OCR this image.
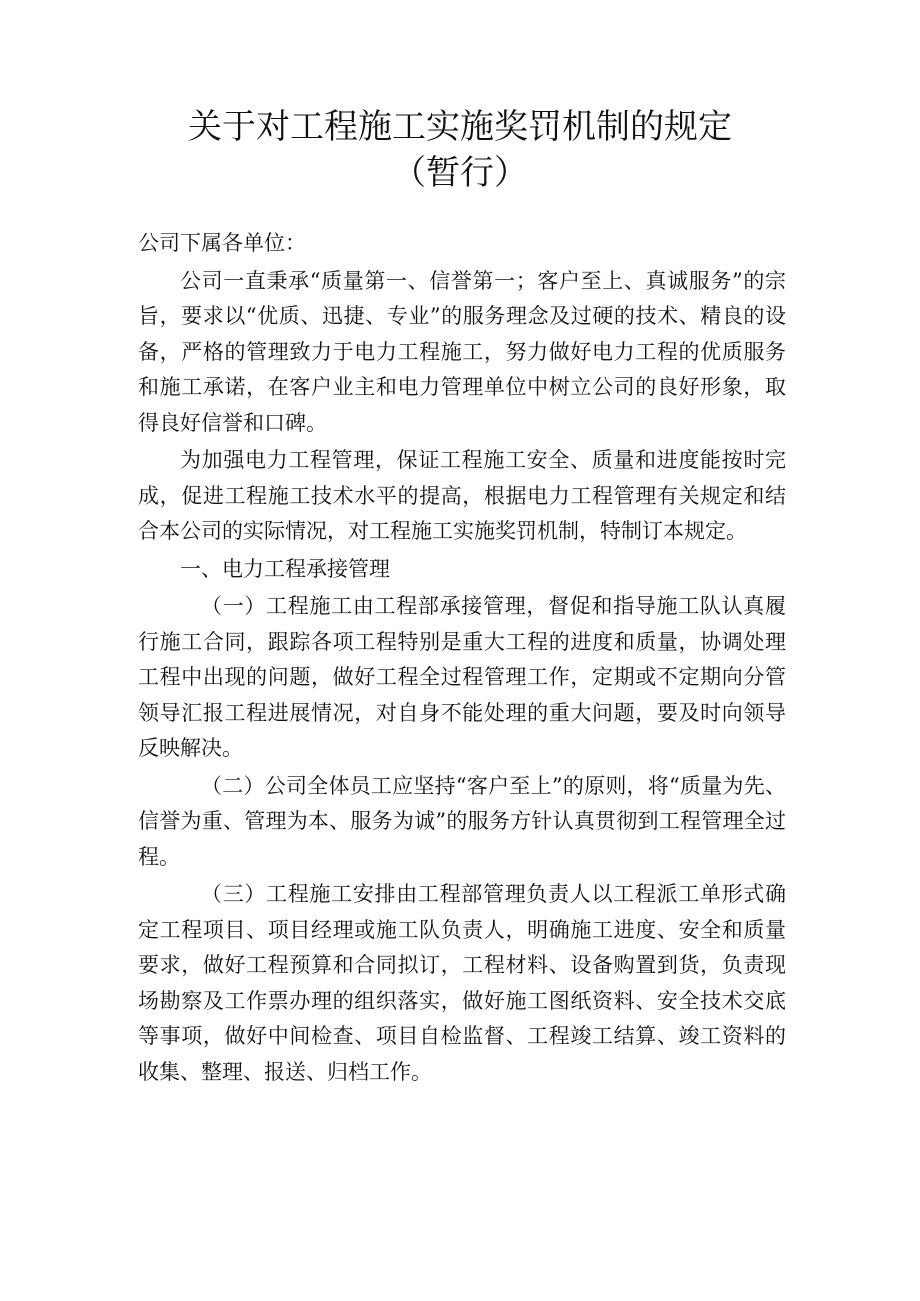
关于对工程施工实施奖罚机制的规定
（暂行）

公司下属各单位：

公司一直秉承“质量第一、信誉第一；客户至上、真诚服务”的宗旨，要求以“优质、迅捷、专业”的服务理念及过硬的技术、精良的设备，严格的管理致力于电力工程施工，努力做好电力工程的优质服务和施工承诺，在客户业主和电力管理单位中树立公司的良好形象，取得良好信誉和口碑。

为加强电力工程管理，保证工程施工安全、质量和进度能按时完成，促进工程施工技术水平的提高，根据电力工程管理有关规定和结合本公司的实际情况，对工程施工实施奖罚机制，特制订本规定。

一、电力工程承接管理

（一）工程施工由工程部承接管理，督促和指导施工队认真履行施工合同，跟踪各项工程特别是重大工程的进度和质量，协调处理工程中出现的问题，做好工程全过程管理工作，定期或不定期向分管领导汇报工程进展情况，对自身不能处理的重大问题，要及时向领导反映解决。

（二）公司全体员工应坚持“客户至上”的原则，将“质量为先、信誉为重、管理为本、服务为诚”的服务方针认真贯彻到工程管理全过程。

（三）工程施工安排由工程部管理负责人以工程派工单形式确定工程项目、项目经理或施工队负责人，明确施工进度、安全和质量要求，做好工程预算和合同拟订，工程材料、设备购置到货，负责现场勘察及工作票办理的组织落实，做好施工图纸资料、安全技术交底等事项，做好中间检查、项目自检监督、工程竣工结算、竣工资料的收集、整理、报送、归档工作。
